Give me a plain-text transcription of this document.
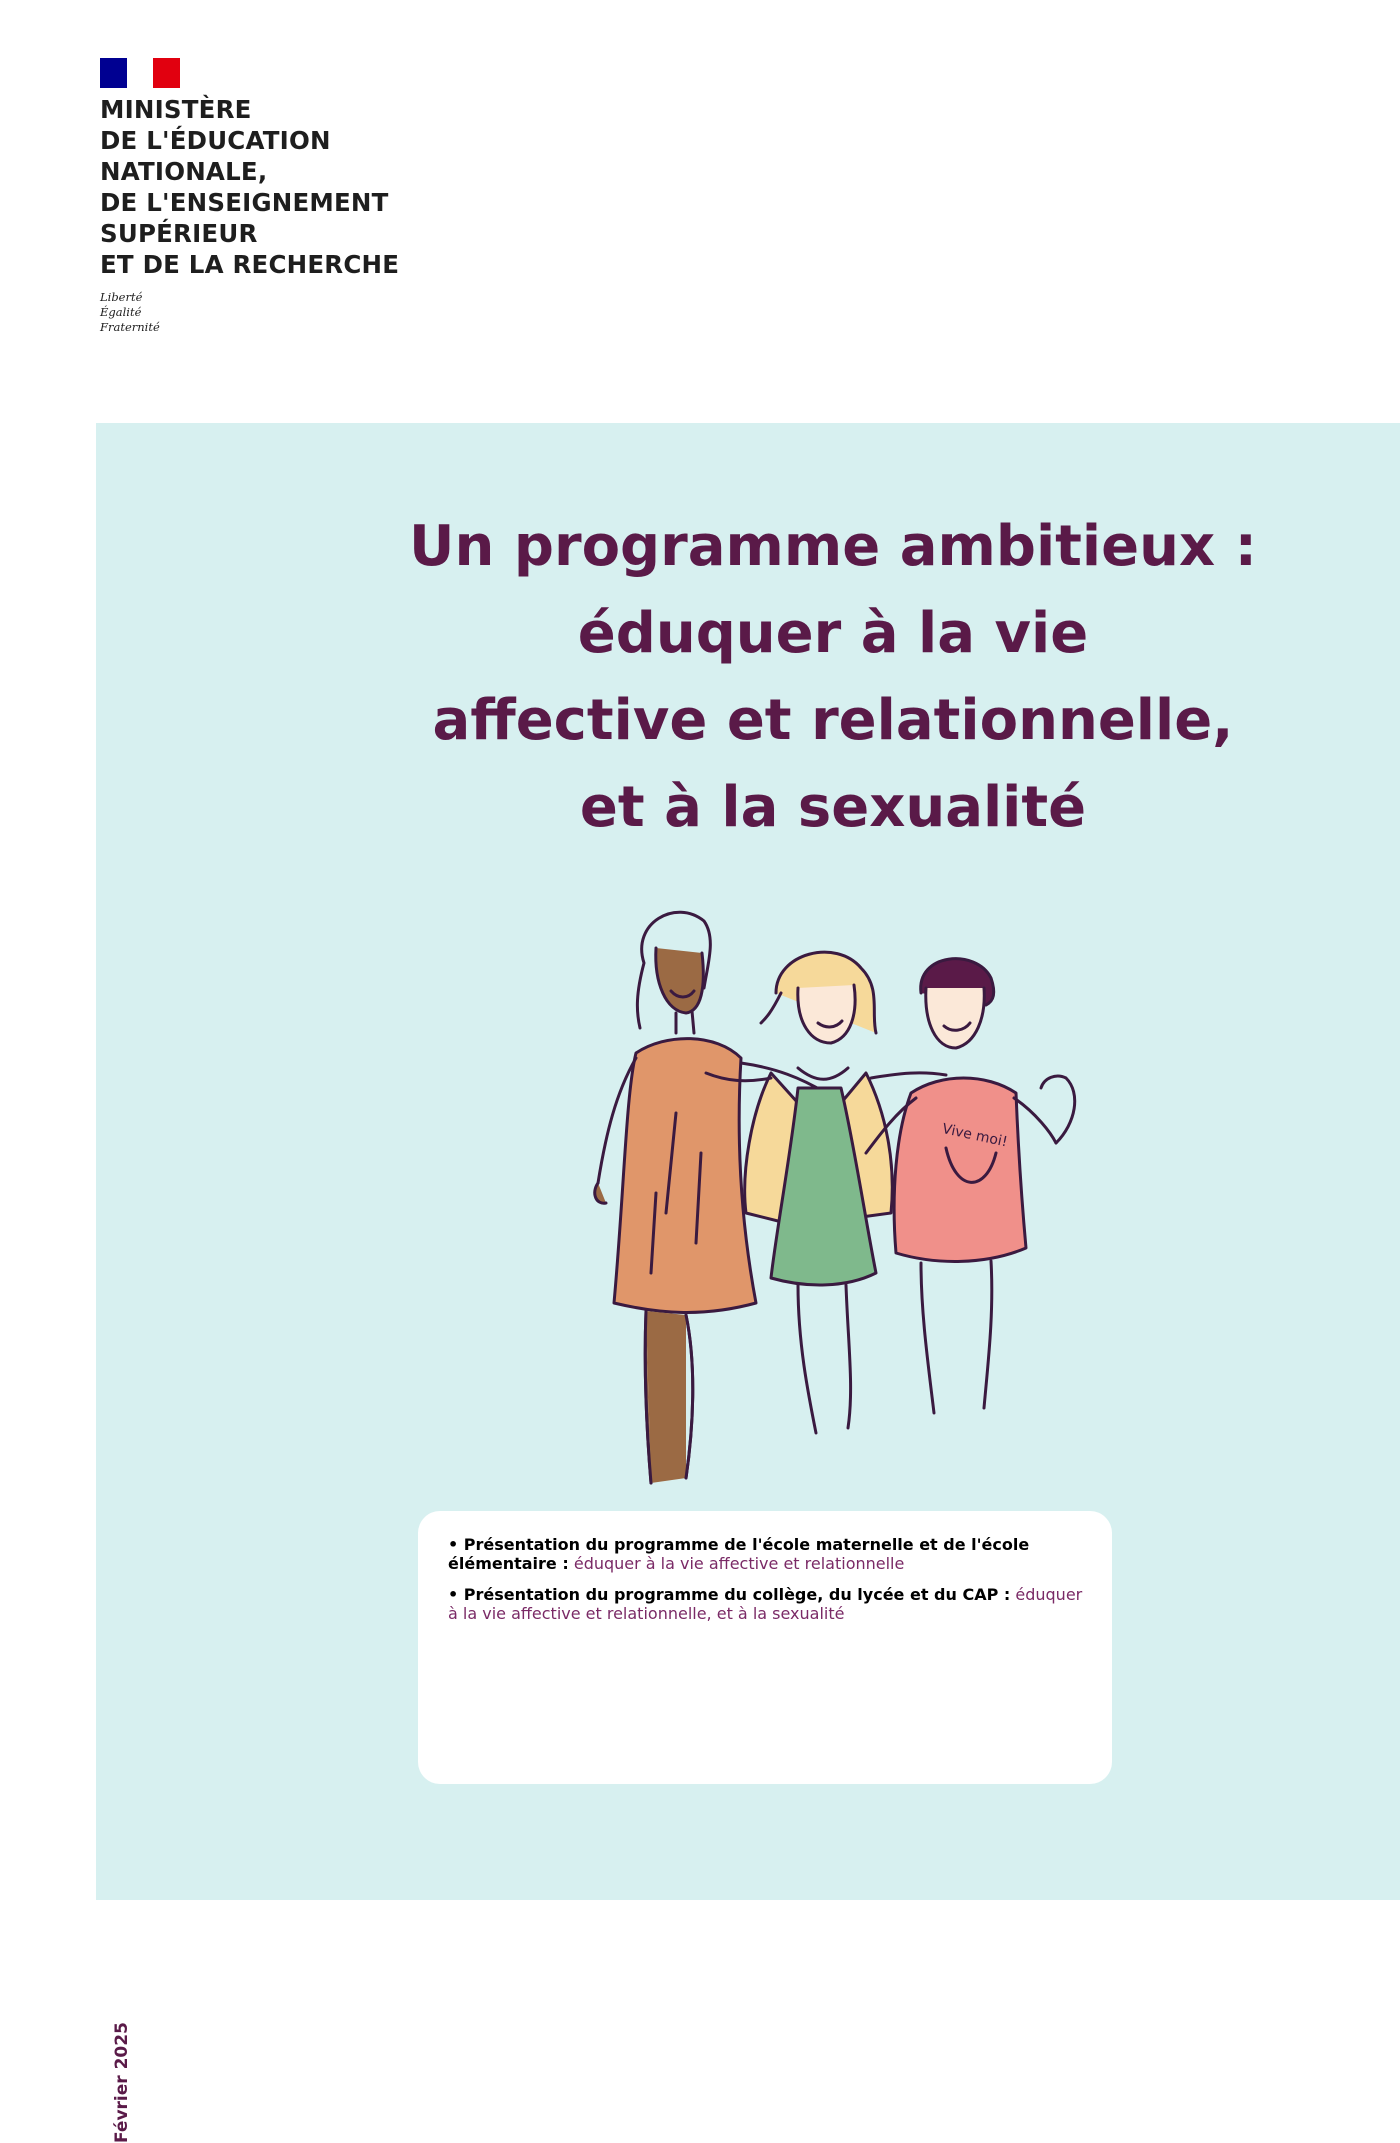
MINISTÈRE
DE L'ÉDUCATION
NATIONALE,
DE L'ENSEIGNEMENT
SUPÉRIEUR
ET DE LA RECHERCHE
Liberté
Égalité
Fraternité
Un programme ambitieux :
éduquer à la vie
affective et relationnelle,
et à la sexualité
Vive moi!

• Présentation du programme de l'école maternelle et de l'école élémentaire : éduquer à la vie affective et relationnelle

• Présentation du programme du collège, du lycée et du CAP : éduquer à la vie affective et relationnelle, et à la sexualité

Février 2025
